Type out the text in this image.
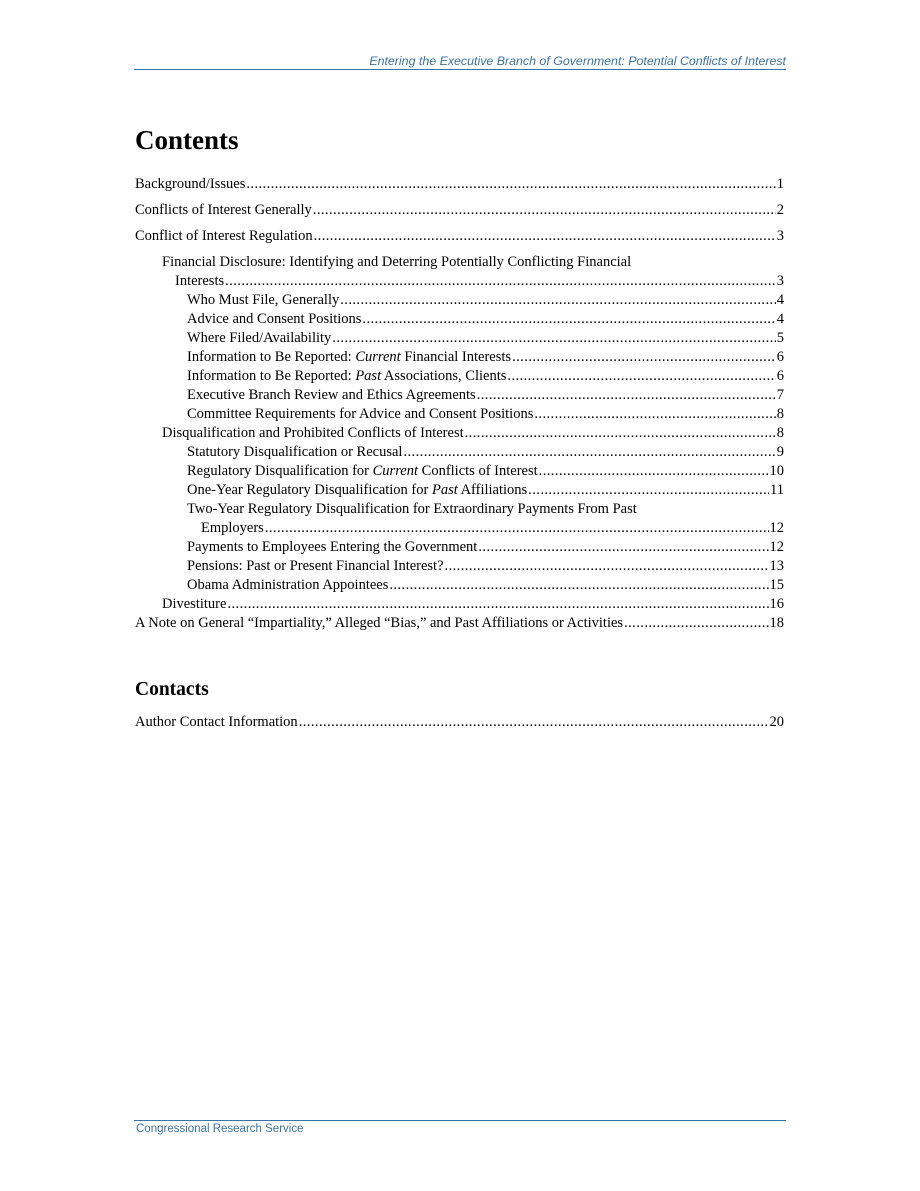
Entering the Executive Branch of Government: Potential Conflicts of Interest
Contents
Background/Issues . . .	1
Conflicts of Interest Generally . . .	2
Conflict of Interest Regulation . . .	3
Financial Disclosure: Identifying and Deterring Potentially Conflicting Financial
Interests . . .	3
Who Must File, Generally . . .	4
Advice and Consent Positions . . .	4
Where Filed/Availability . . .	5
Information to Be Reported: Current Financial Interests . . .	6
Information to Be Reported: Past Associations, Clients . . .	6
Executive Branch Review and Ethics Agreements . . .	7
Committee Requirements for Advice and Consent Positions . . .	8
Disqualification and Prohibited Conflicts of Interest . . .	8
Statutory Disqualification or Recusal . . .	9
Regulatory Disqualification for Current Conflicts of Interest . . .	10
One-Year Regulatory Disqualification for Past Affiliations . . .	11
Two-Year Regulatory Disqualification for Extraordinary Payments From Past
Employers . . .	12
Payments to Employees Entering the Government . . .	12
Pensions: Past or Present Financial Interest? . . .	13
Obama Administration Appointees . . .	15
Divestiture . . .	16
A Note on General “Impartiality,” Alleged “Bias,” and Past Affiliations or Activities . . .	18
Contacts
Author Contact Information . . .	20
Congressional Research Service
